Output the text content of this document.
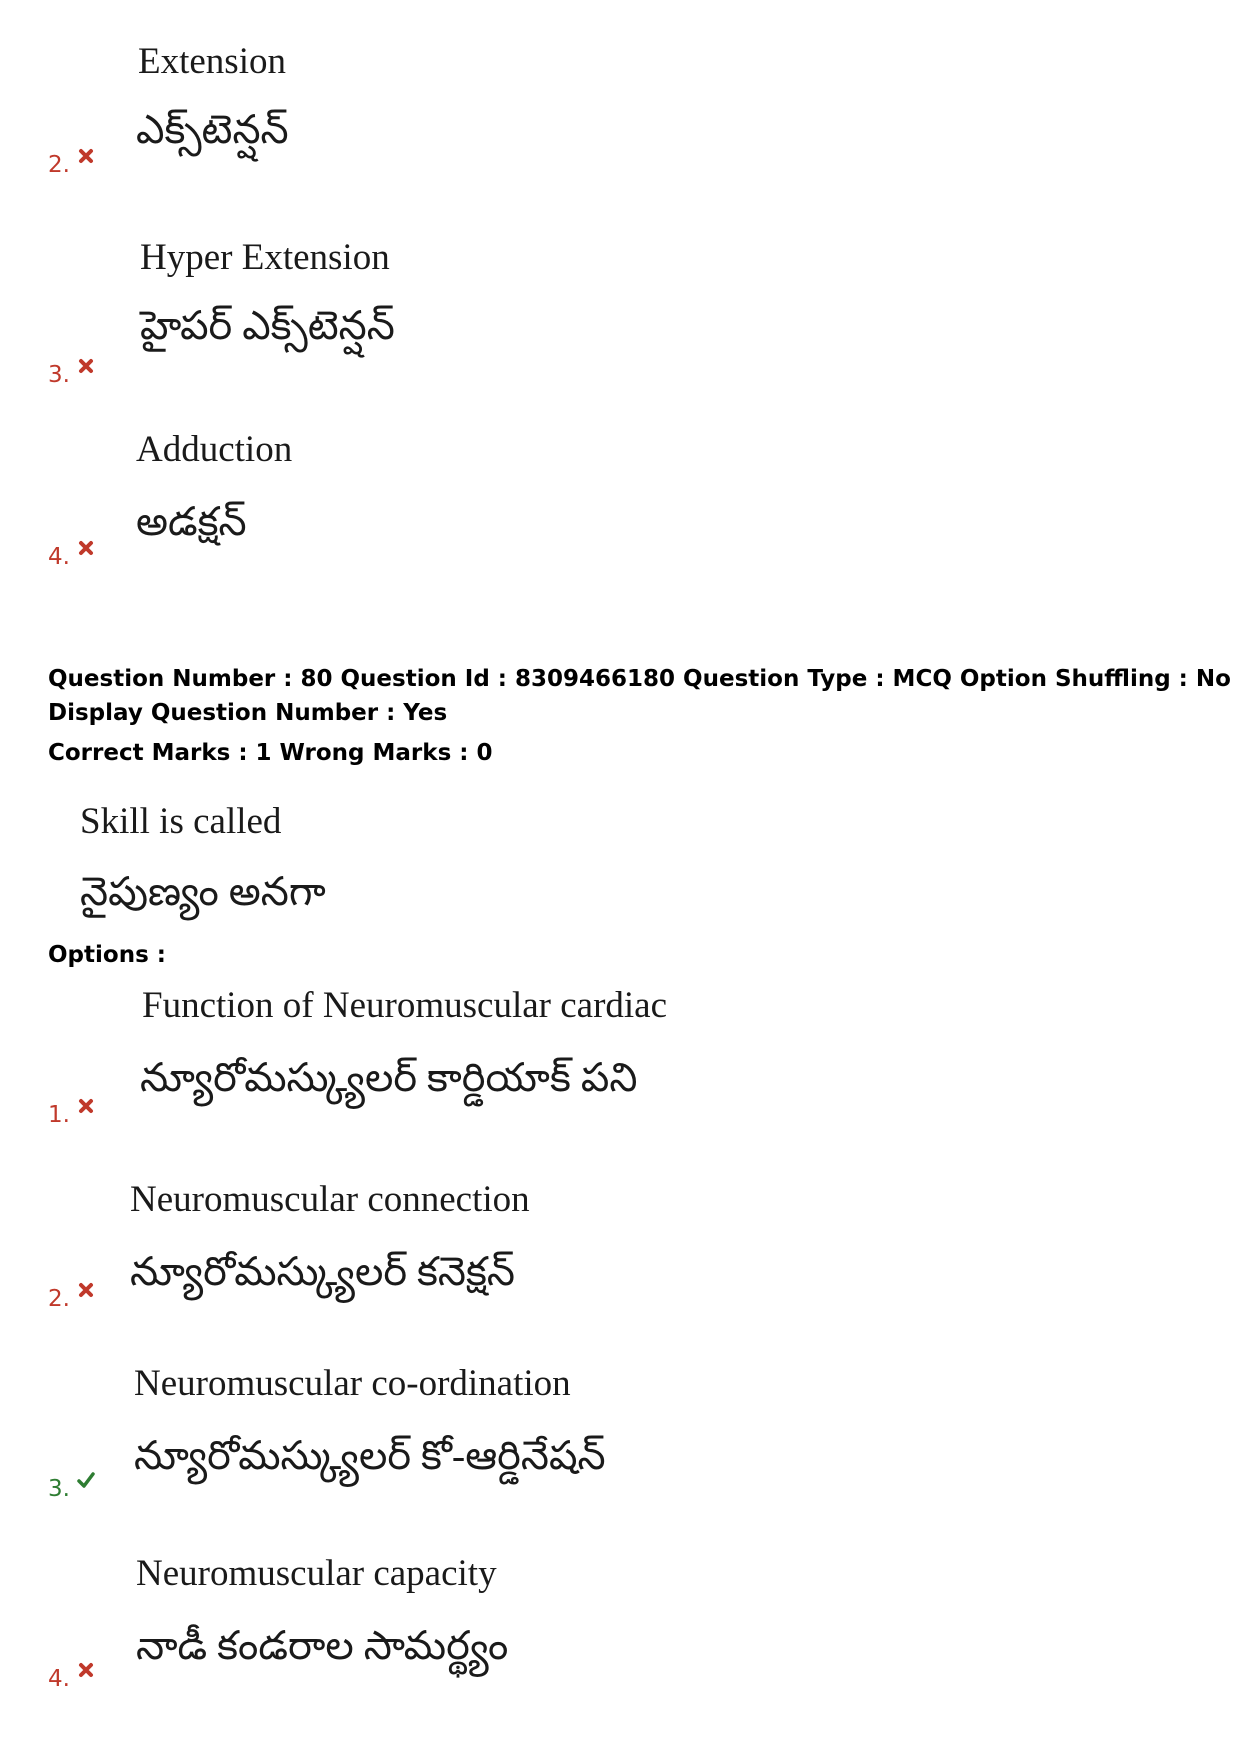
Extension
ఎక్స్‌టెన్షన్
2.
Hyper Extension
హైపర్ ఎక్స్‌టెన్షన్
3.
Adduction
అడక్షన్
4.
Question Number : 80 Question Id : 8309466180 Question Type : MCQ Option Shuffling : No
Display Question Number : Yes
Correct Marks : 1 Wrong Marks : 0
Skill is called
నైపుణ్యం అనగా
Options :
Function of Neuromuscular cardiac
న్యూరోమస్క్యులర్ కార్డియాక్ పని
1.
Neuromuscular connection
న్యూరోమస్క్యులర్ కనెక్షన్
2.
Neuromuscular co-ordination
న్యూరోమస్క్యులర్ కో-ఆర్డినేషన్
3.
Neuromuscular capacity
నాడీ కండరాల సామర్థ్యం
4.
